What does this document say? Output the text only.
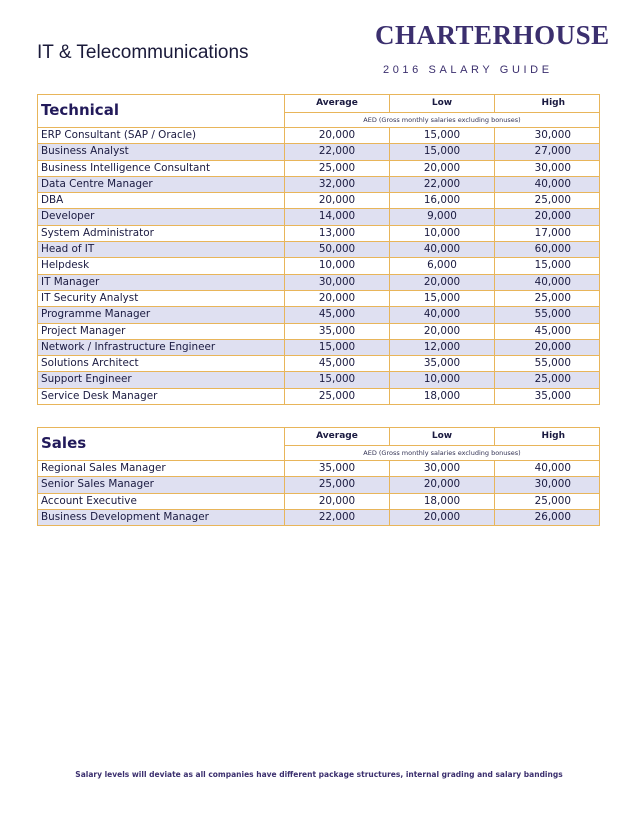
IT & Telecommunications
CHARTERHOUSE
2016 SALARY GUIDE
Technical	Average	Low	High
	AED (Gross monthly salaries excluding bonuses)		
ERP Consultant (SAP / Oracle)	20,000	15,000	30,000
Business Analyst	22,000	15,000	27,000
Business Intelligence Consultant	25,000	20,000	30,000
Data Centre Manager	32,000	22,000	40,000
DBA	20,000	16,000	25,000
Developer	14,000	9,000	20,000
System Administrator	13,000	10,000	17,000
Head of IT	50,000	40,000	60,000
Helpdesk	10,000	6,000	15,000
IT Manager	30,000	20,000	40,000
IT Security Analyst	20,000	15,000	25,000
Programme Manager	45,000	40,000	55,000
Project Manager	35,000	20,000	45,000
Network / Infrastructure Engineer	15,000	12,000	20,000
Solutions Architect	45,000	35,000	55,000
Support Engineer	15,000	10,000	25,000
Service Desk Manager	25,000	18,000	35,000
Sales	Average	Low	High
	AED (Gross monthly salaries excluding bonuses)		
Regional Sales Manager	35,000	30,000	40,000
Senior Sales Manager	25,000	20,000	30,000
Account Executive	20,000	18,000	25,000
Business Development Manager	22,000	20,000	26,000
Salary levels will deviate as all companies have different package structures, internal grading and salary bandings
